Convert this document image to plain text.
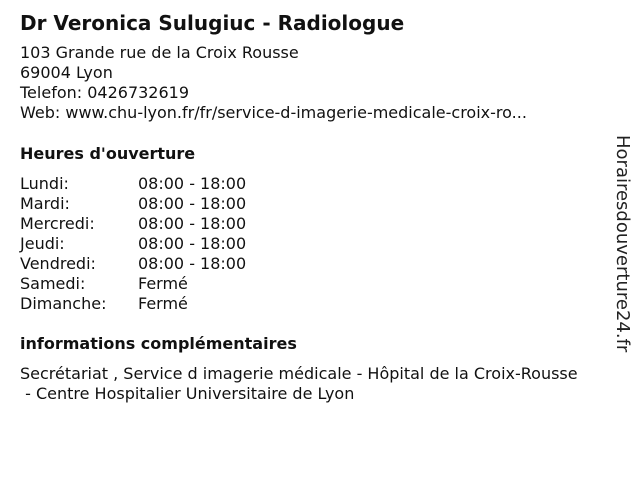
Dr Veronica Sulugiuc - Radiologue
103 Grande rue de la Croix Rousse
69004 Lyon
Telefon: 0426732619
Web: www.chu-lyon.fr/fr/service-d-imagerie-medicale-croix-ro...
Heures d'ouverture
Lundi:	08:00 - 18:00
Mardi:	08:00 - 18:00
Mercredi:	08:00 - 18:00
Jeudi:	08:00 - 18:00
Vendredi:	08:00 - 18:00
Samedi:	Fermé
Dimanche: Fermé
informations complémentaires
Secrétariat , Service d imagerie médicale - Hôpital de la Croix-Rousse
- Centre Hospitalier Universitaire de Lyon
Horairesdouverture24.fr
